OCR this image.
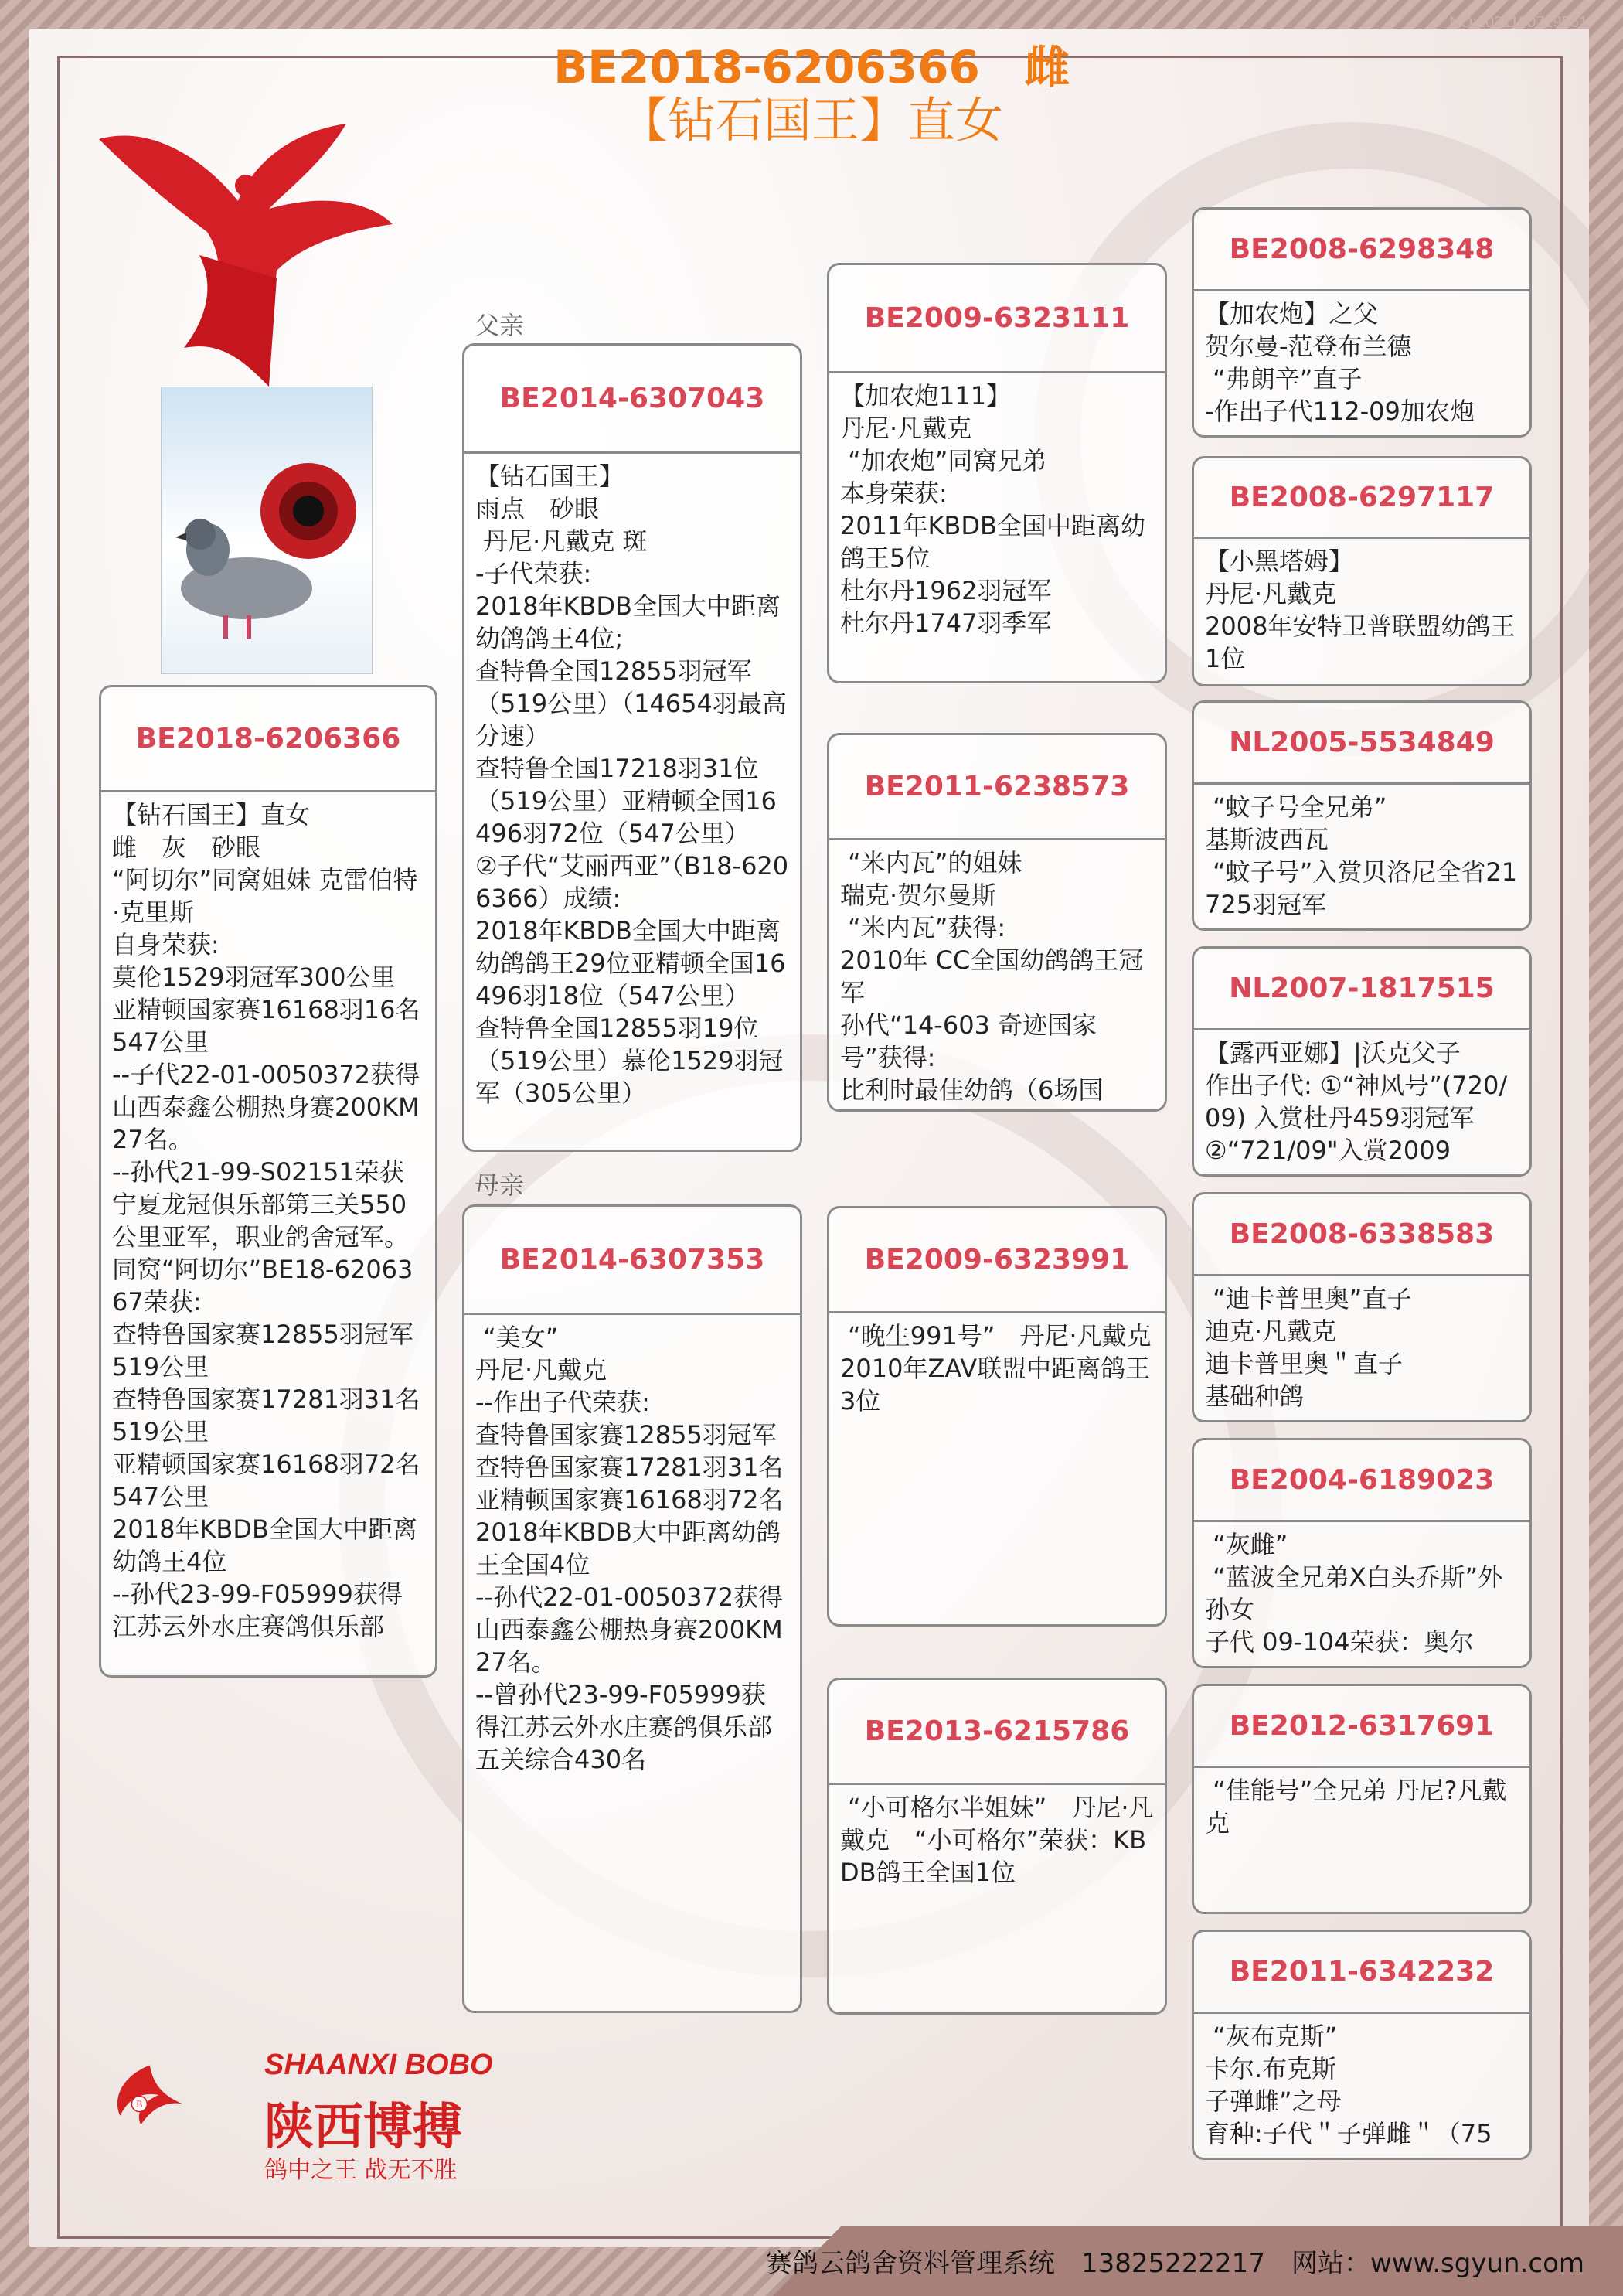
NO:2021100719561
BE2018-6206366　雌
【钻石国王】直女
BE2018-6206366
【钻石国王】直女
雌　灰　砂眼
“阿切尔”同窝姐妹 克雷伯特·克里斯
自身荣获:
莫伦1529羽冠军300公里
亚精顿国家赛16168羽16名547公里
--子代22-01-0050372获得山西泰鑫公棚热身赛200KM27名。
--孙代21-99-S02151荣获宁夏龙冠俱乐部第三关550公里亚军，职业鸽舍冠军。
同窝“阿切尔”BE18-6206367荣获:
查特鲁国家赛12855羽冠军519公里
查特鲁国家赛17281羽31名519公里
亚精顿国家赛16168羽72名547公里
2018年KBDB全国大中距离幼鸽王4位
--孙代23-99-F05999获得江苏云外水庄赛鸽俱乐部
父亲
母亲
BE2014-6307043
【钻石国王】
雨点　砂眼
丹尼·凡戴克 斑
-子代荣获:
2018年KBDB全国大中距离幼鸽鸽王4位;
查特鲁全国12855羽冠军（519公里）（14654羽最高分速）
查特鲁全国17218羽31位（519公里）亚精顿全国16496羽72位（547公里）
②子代“艾丽西亚”（B18-6206366）成绩:
2018年KBDB全国大中距离幼鸽鸽王29位亚精顿全国16496羽18位（547公里）
查特鲁全国12855羽19位（519公里）慕伦1529羽冠军（305公里）
BE2014-6307353
“美女”
丹尼·凡戴克
--作出子代荣获:
查特鲁国家赛12855羽冠军
查特鲁国家赛17281羽31名
亚精顿国家赛16168羽72名
2018年KBDB大中距离幼鸽王全国4位
--孙代22-01-0050372获得山西泰鑫公棚热身赛200KM27名。
--曾孙代23-99-F05999获得江苏云外水庄赛鸽俱乐部五关综合430名
BE2009-6323111
【加农炮111】
丹尼·凡戴克
“加农炮”同窝兄弟
本身荣获:
2011年KBDB全国中距离幼鸽王5位
杜尔丹1962羽冠军
杜尔丹1747羽季军
BE2011-6238573
“米内瓦”的姐妹
瑞克·贺尔曼斯
“米内瓦”获得:
2010年 CC全国幼鸽鸽王冠军
孙代“14-603 奇迹国家号”获得:
比利时最佳幼鸽（6场国
BE2009-6323991
“晚生991号”　丹尼·凡戴克
2010年ZAV联盟中距离鸽王3位
BE2013-6215786
“小可格尔半姐妹”　丹尼·凡戴克　“小可格尔”荣获：KBDB鸽王全国1位
BE2008-6298348
【加农炮】之父
贺尔曼-范登布兰德
“弗朗辛”直子
-作出子代112-09加农炮
BE2008-6297117
【小黑塔姆】
丹尼·凡戴克
2008年安特卫普联盟幼鸽王1位
NL2005-5534849
“蚊子号全兄弟”
基斯波西瓦
“蚊子号”入赏贝洛尼全省21725羽冠军
NL2007-1817515
【露西亚娜】|沃克父子
作出子代: ①“神风号”(720/09) 入赏杜丹459羽冠军 ②“721/09"入赏2009
BE2008-6338583
“迪卡普里奥”直子
迪克·凡戴克
迪卡普里奥＂直子
基础种鸽
BE2004-6189023
“灰雌”
“蓝波全兄弟X白头乔斯”外孙女
子代 09-104荣获：奥尔
BE2012-6317691
“佳能号”全兄弟 丹尼?凡戴克
BE2011-6342232
“灰布克斯”
卡尔.布克斯
子弹雌”之母
育种:子代＂子弹雌＂（75
B
SHAANXI BOBO
陕西博搏
鸽中之王 战无不胜
赛鸽云鸽舍资料管理系统　13825222217　网站：www.sgyun.com
